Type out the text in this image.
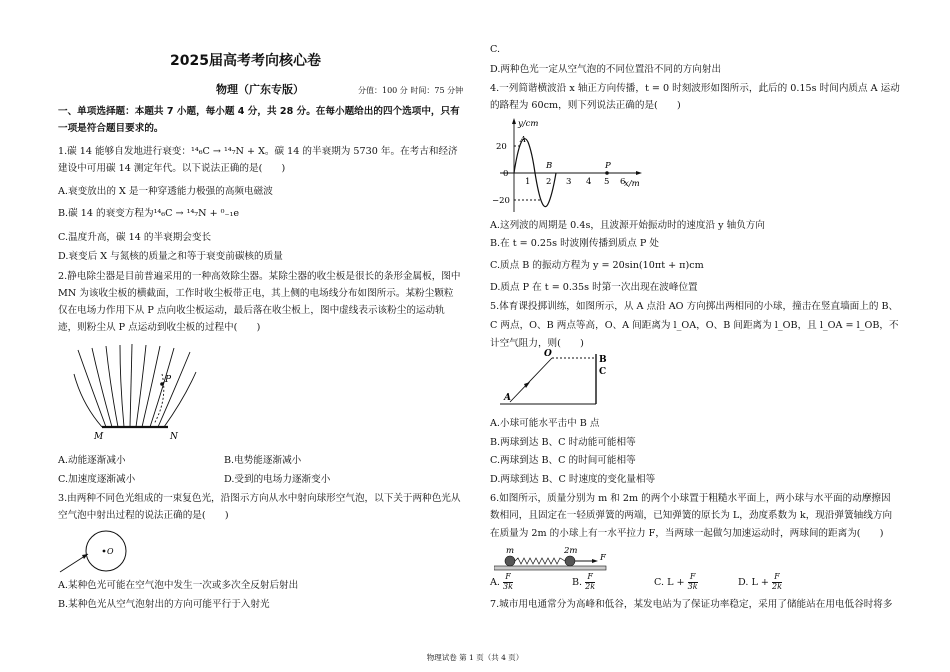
2025届高考考向核心卷
物理（广东专版）	分值：100 分 时间：75 分钟
一、单项选择题：本题共 7 小题，每小题 4 分，共 28 分。在每小题给出的四个选项中，只有一项是符合题目要求的。
1.碳 14 能够自发地进行衰变：¹⁴₆C → ¹⁴₇N + X。碳 14 的半衰期为 5730 年。在考古和经济建设中可用碳 14 测定年代。以下说法正确的是(　　)
A.衰变放出的 X 是一种穿透能力极强的高频电磁波
B.碳 14 的衰变方程为¹⁴₆C → ¹⁴₇N + ⁰₋₁e
C.温度升高，碳 14 的半衰期会变长
D.衰变后 X 与氮核的质量之和等于衰变前碳核的质量
2.静电除尘器是目前普遍采用的一种高效除尘器。某除尘器的收尘板是很长的条形金属板，图中 MN 为该收尘板的横截面，工作时收尘板带正电，其上侧的电场线分布如图所示。某粉尘颗粒仅在电场力作用下从 P 点向收尘板运动，最后落在收尘板上，图中虚线表示该粉尘的运动轨迹，则粉尘从 P 点运动到收尘板的过程中(　　)
P
M	N
A.动能逐渐减小	B.电势能逐渐减小
C.加速度逐渐减小	D.受到的电场力逐渐变小
3.由两种不同色光组成的一束复色光，沿图示方向从水中射向球形空气泡，以下关于两种色光从空气泡中射出过程的说法正确的是(　　)
O
A.某种色光可能在空气泡中发生一次或多次全反射后射出
B.某种色光从空气泡射出的方向可能平行于入射光
C.
D.两种色光一定从空气泡的不同位置沿不同的方向射出
4.一列简谐横波沿 x 轴正方向传播，t = 0 时刻波形如图所示，此后的 0.15s 时间内质点 A 运动的路程为 60cm，则下列说法正确的是(　　)
y/cm
x/m
20
0
−20
1 2 3 4 5 6
A
B	P
A.这列波的周期是 0.4s，且波源开始振动时的速度沿 y 轴负方向
B.在 t = 0.25s 时波刚传播到质点 P 处
C.质点 B 的振动方程为 y = 20sin(10πt + π)cm
D.质点 P 在 t = 0.35s 时第一次出现在波峰位置
5.体育课投掷训练，如图所示，从 A 点沿 AO 方向掷出两相同的小球，撞击在竖直墙面上的 B、C 两点，O、B 两点等高，O、A 间距离为 l_OA，O、B 间距离为 l_OB，且 l_OA = l_OB，不计空气阻力，则(　　)
O
A
B
C
A.小球可能水平击中 B 点
B.两球到达 B、C 时动能可能相等
C.两球到达 B、C 的时间可能相等
D.两球到达 B、C 时速度的变化量相等
6.如图所示，质量分别为 m 和 2m 的两个小球置于粗糙水平面上，两小球与水平面的动摩擦因数相同，且固定在一轻质弹簧的两端，已知弹簧的原长为 L，劲度系数为 k，现沿弹簧轴线方向在质量为 2m 的小球上有一水平拉力 F，当两球一起做匀加速运动时，两球间的距离为(　　)
m	2m
F
A. $\frac{F}{3k}$	B. $\frac{F}{2k}$	C. $L + \frac{F}{3k}$	D. $L + \frac{F}{2k}$
7.城市用电通常分为高峰和低谷，某发电站为了保证功率稳定，采用了储能站在用电低谷时将多
物理试卷 第 1 页（共 4 页）
